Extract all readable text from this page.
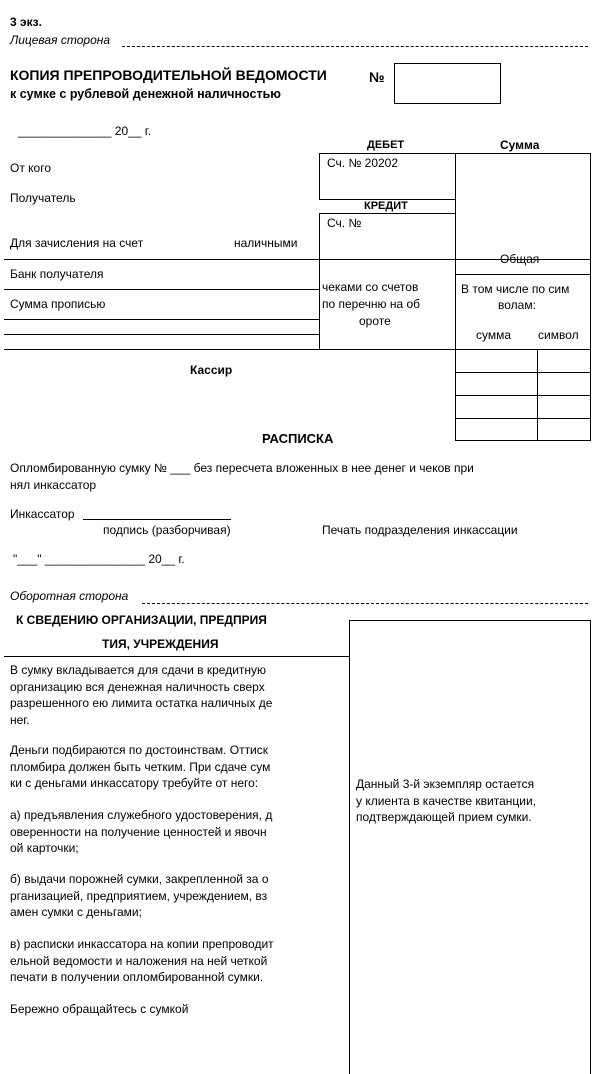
3 экз.
Лицевая сторона
КОПИЯ ПРЕПРОВОДИТЕЛЬНОЙ ВЕДОМОСТИ
к сумке с рублевой денежной наличностью
№
______________ 20__ г.
ДЕБЕТ	Сумма
Сч. № 20202
КРЕДИТ
Сч. №
От кого
Получатель
Для зачисления на счет	наличными
Общая
Банк получателя
Сумма прописью
чеками со счетов
по перечню на об
ороте
В том числе по сим
волам:
сумма символ
Кассир
РАСПИСКА
Опломбированную сумку № ___ без пересчета вложенных в нее денег и чеков при
нял инкассатор
Инкассатор
подпись (разборчивая)	Печать подразделения инкассации
"___" _______________ 20__ г.
Оборотная сторона
К СВЕДЕНИЮ ОРГАНИЗАЦИИ, ПРЕДПРИЯ
ТИЯ, УЧРЕЖДЕНИЯ
В сумку вкладывается для сдачи в кредитную
организацию вся денежная наличность сверх
разрешенного ею лимита остатка наличных де
нег.
Деньги подбираются по достоинствам. Оттиск
пломбира должен быть четким. При сдаче сум
ки с деньгами инкассатору требуйте от него:
а) предъявления служебного удостоверения, д
оверенности на получение ценностей и явочн
ой карточки;
б) выдачи порожней сумки, закрепленной за о
рганизацией, предприятием, учреждением, вз
амен сумки с деньгами;
в) расписки инкассатора на копии препроводит
ельной ведомости и наложения на ней четкой
печати в получении опломбированной сумки.
Бережно обращайтесь с сумкой
Данный 3-й экземпляр остается
у клиента в качестве квитанции,
подтверждающей прием сумки.
